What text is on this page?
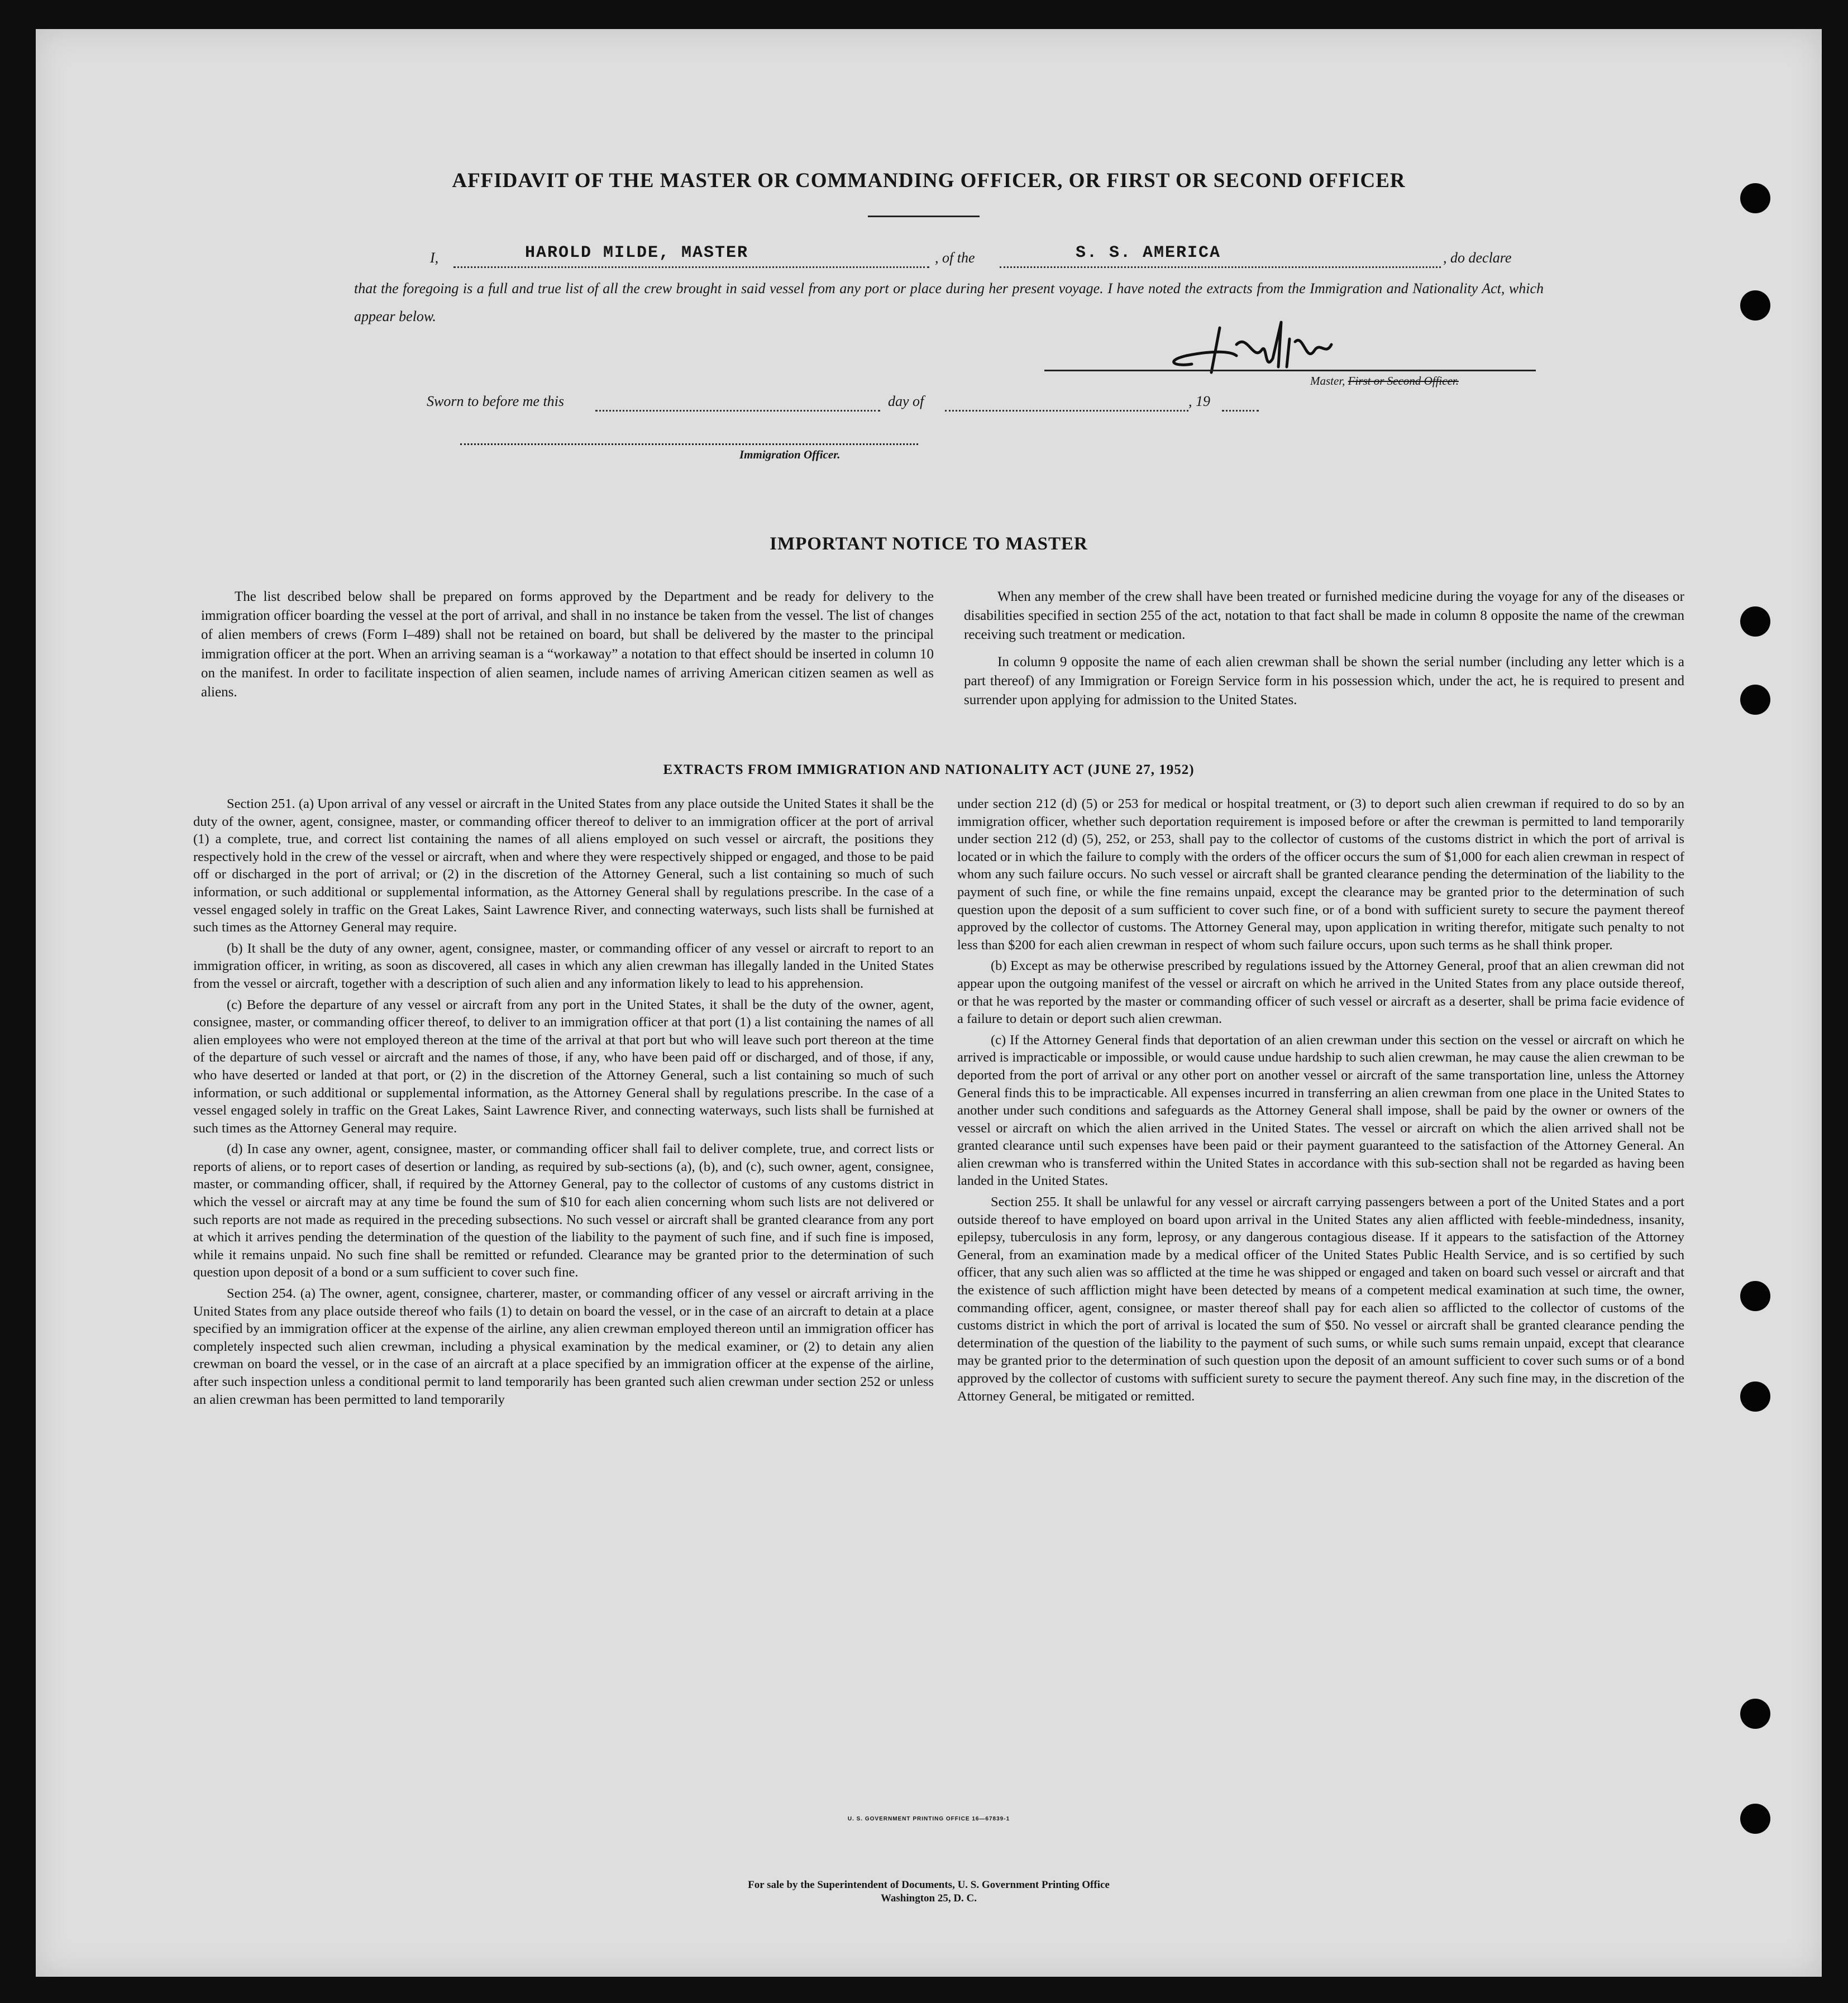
AFFIDAVIT OF THE MASTER OR COMMANDING OFFICER, OR FIRST OR SECOND OFFICER
I,	HAROLD MILDE, MASTER	, of the	S. S. AMERICA	, do declare
that the foregoing is a full and true list of all the crew brought in said vessel from any port or place during her present voyage. I have noted the extracts from the Immigration and Nationality Act, which appear below.
Master, First or Second Officer.
Sworn to before me this	day of	, 19
Immigration Officer.
IMPORTANT NOTICE TO MASTER

The list described below shall be prepared on forms approved by the Department and be ready for delivery to the immigration officer boarding the vessel at the port of arrival, and shall in no instance be taken from the vessel. The list of changes of alien members of crews (Form I–489) shall not be retained on board, but shall be delivered by the master to the principal immigration officer at the port. When an arriving seaman is a “workaway” a notation to that effect should be inserted in column 10 on the manifest. In order to facilitate inspection of alien seamen, include names of arriving American citizen seamen as well as aliens.

When any member of the crew shall have been treated or furnished medicine during the voyage for any of the diseases or disabilities specified in section 255 of the act, notation to that fact shall be made in column 8 opposite the name of the crewman receiving such treatment or medication.

In column 9 opposite the name of each alien crewman shall be shown the serial number (including any letter which is a part thereof) of any Immigration or Foreign Service form in his possession which, under the act, he is required to present and surrender upon applying for admission to the United States.

EXTRACTS FROM IMMIGRATION AND NATIONALITY ACT (JUNE 27, 1952)

Section 251. (a) Upon arrival of any vessel or aircraft in the United States from any place outside the United States it shall be the duty of the owner, agent, consignee, master, or commanding officer thereof to deliver to an immigration officer at the port of arrival (1) a complete, true, and correct list containing the names of all aliens employed on such vessel or aircraft, the positions they respectively hold in the crew of the vessel or aircraft, when and where they were respectively shipped or engaged, and those to be paid off or discharged in the port of arrival; or (2) in the discretion of the Attorney General, such a list containing so much of such information, or such additional or supplemental information, as the Attorney General shall by regulations prescribe. In the case of a vessel engaged solely in traffic on the Great Lakes, Saint Lawrence River, and connecting waterways, such lists shall be furnished at such times as the Attorney General may require.

(b) It shall be the duty of any owner, agent, consignee, master, or commanding officer of any vessel or aircraft to report to an immigration officer, in writing, as soon as discovered, all cases in which any alien crewman has illegally landed in the United States from the vessel or aircraft, together with a description of such alien and any information likely to lead to his apprehension.

(c) Before the departure of any vessel or aircraft from any port in the United States, it shall be the duty of the owner, agent, consignee, master, or commanding officer thereof, to deliver to an immigration officer at that port (1) a list containing the names of all alien employees who were not employed thereon at the time of the arrival at that port but who will leave such port thereon at the time of the departure of such vessel or aircraft and the names of those, if any, who have been paid off or discharged, and of those, if any, who have deserted or landed at that port, or (2) in the discretion of the Attorney General, such a list containing so much of such information, or such additional or supplemental information, as the Attorney General shall by regulations prescribe. In the case of a vessel engaged solely in traffic on the Great Lakes, Saint Lawrence River, and connecting waterways, such lists shall be furnished at such times as the Attorney General may require.

(d) In case any owner, agent, consignee, master, or commanding officer shall fail to deliver complete, true, and correct lists or reports of aliens, or to report cases of desertion or landing, as required by sub-sections (a), (b), and (c), such owner, agent, consignee, master, or commanding officer, shall, if required by the Attorney General, pay to the collector of customs of any customs district in which the vessel or aircraft may at any time be found the sum of $10 for each alien concerning whom such lists are not delivered or such reports are not made as required in the preceding subsections. No such vessel or aircraft shall be granted clearance from any port at which it arrives pending the determination of the question of the liability to the payment of such fine, and if such fine is imposed, while it remains unpaid. No such fine shall be remitted or refunded. Clearance may be granted prior to the determination of such question upon deposit of a bond or a sum sufficient to cover such fine.

Section 254. (a) The owner, agent, consignee, charterer, master, or commanding officer of any vessel or aircraft arriving in the United States from any place outside thereof who fails (1) to detain on board the vessel, or in the case of an aircraft to detain at a place specified by an immigration officer at the expense of the airline, any alien crewman employed thereon until an immigration officer has completely inspected such alien crewman, including a physical examination by the medical examiner, or (2) to detain any alien crewman on board the vessel, or in the case of an aircraft at a place specified by an immigration officer at the expense of the airline, after such inspection unless a conditional permit to land temporarily has been granted such alien crewman under section 252 or unless an alien crewman has been permitted to land temporarily

under section 212 (d) (5) or 253 for medical or hospital treatment, or (3) to deport such alien crewman if required to do so by an immigration officer, whether such deportation requirement is imposed before or after the crewman is permitted to land temporarily under section 212 (d) (5), 252, or 253, shall pay to the collector of customs of the customs district in which the port of arrival is located or in which the failure to comply with the orders of the officer occurs the sum of $1,000 for each alien crewman in respect of whom any such failure occurs. No such vessel or aircraft shall be granted clearance pending the determination of the liability to the payment of such fine, or while the fine remains unpaid, except the clearance may be granted prior to the determination of such question upon the deposit of a sum sufficient to cover such fine, or of a bond with sufficient surety to secure the payment thereof approved by the collector of customs. The Attorney General may, upon application in writing therefor, mitigate such penalty to not less than $200 for each alien crewman in respect of whom such failure occurs, upon such terms as he shall think proper.

(b) Except as may be otherwise prescribed by regulations issued by the Attorney General, proof that an alien crewman did not appear upon the outgoing manifest of the vessel or aircraft on which he arrived in the United States from any place outside thereof, or that he was reported by the master or commanding officer of such vessel or aircraft as a deserter, shall be prima facie evidence of a failure to detain or deport such alien crewman.

(c) If the Attorney General finds that deportation of an alien crewman under this section on the vessel or aircraft on which he arrived is impracticable or impossible, or would cause undue hardship to such alien crewman, he may cause the alien crewman to be deported from the port of arrival or any other port on another vessel or aircraft of the same transportation line, unless the Attorney General finds this to be impracticable. All expenses incurred in transferring an alien crewman from one place in the United States to another under such conditions and safeguards as the Attorney General shall impose, shall be paid by the owner or owners of the vessel or aircraft on which the alien arrived in the United States. The vessel or aircraft on which the alien arrived shall not be granted clearance until such expenses have been paid or their payment guaranteed to the satisfaction of the Attorney General. An alien crewman who is transferred within the United States in accordance with this sub-section shall not be regarded as having been landed in the United States.

Section 255. It shall be unlawful for any vessel or aircraft carrying passengers between a port of the United States and a port outside thereof to have employed on board upon arrival in the United States any alien afflicted with feeble-mindedness, insanity, epilepsy, tuberculosis in any form, leprosy, or any dangerous contagious disease. If it appears to the satisfaction of the Attorney General, from an examination made by a medical officer of the United States Public Health Service, and is so certified by such officer, that any such alien was so afflicted at the time he was shipped or engaged and taken on board such vessel or aircraft and that the existence of such affliction might have been detected by means of a competent medical examination at such time, the owner, commanding officer, agent, consignee, or master thereof shall pay for each alien so afflicted to the collector of customs of the customs district in which the port of arrival is located the sum of $50. No vessel or aircraft shall be granted clearance pending the determination of the question of the liability to the payment of such sums, or while such sums remain unpaid, except that clearance may be granted prior to the determination of such question upon the deposit of an amount sufficient to cover such sums or of a bond approved by the collector of customs with sufficient surety to secure the payment thereof. Any such fine may, in the discretion of the Attorney General, be mitigated or remitted.

U. S. GOVERNMENT PRINTING OFFICE 16—67839-1
For sale by the Superintendent of Documents, U. S. Government Printing Office
Washington 25, D. C.
